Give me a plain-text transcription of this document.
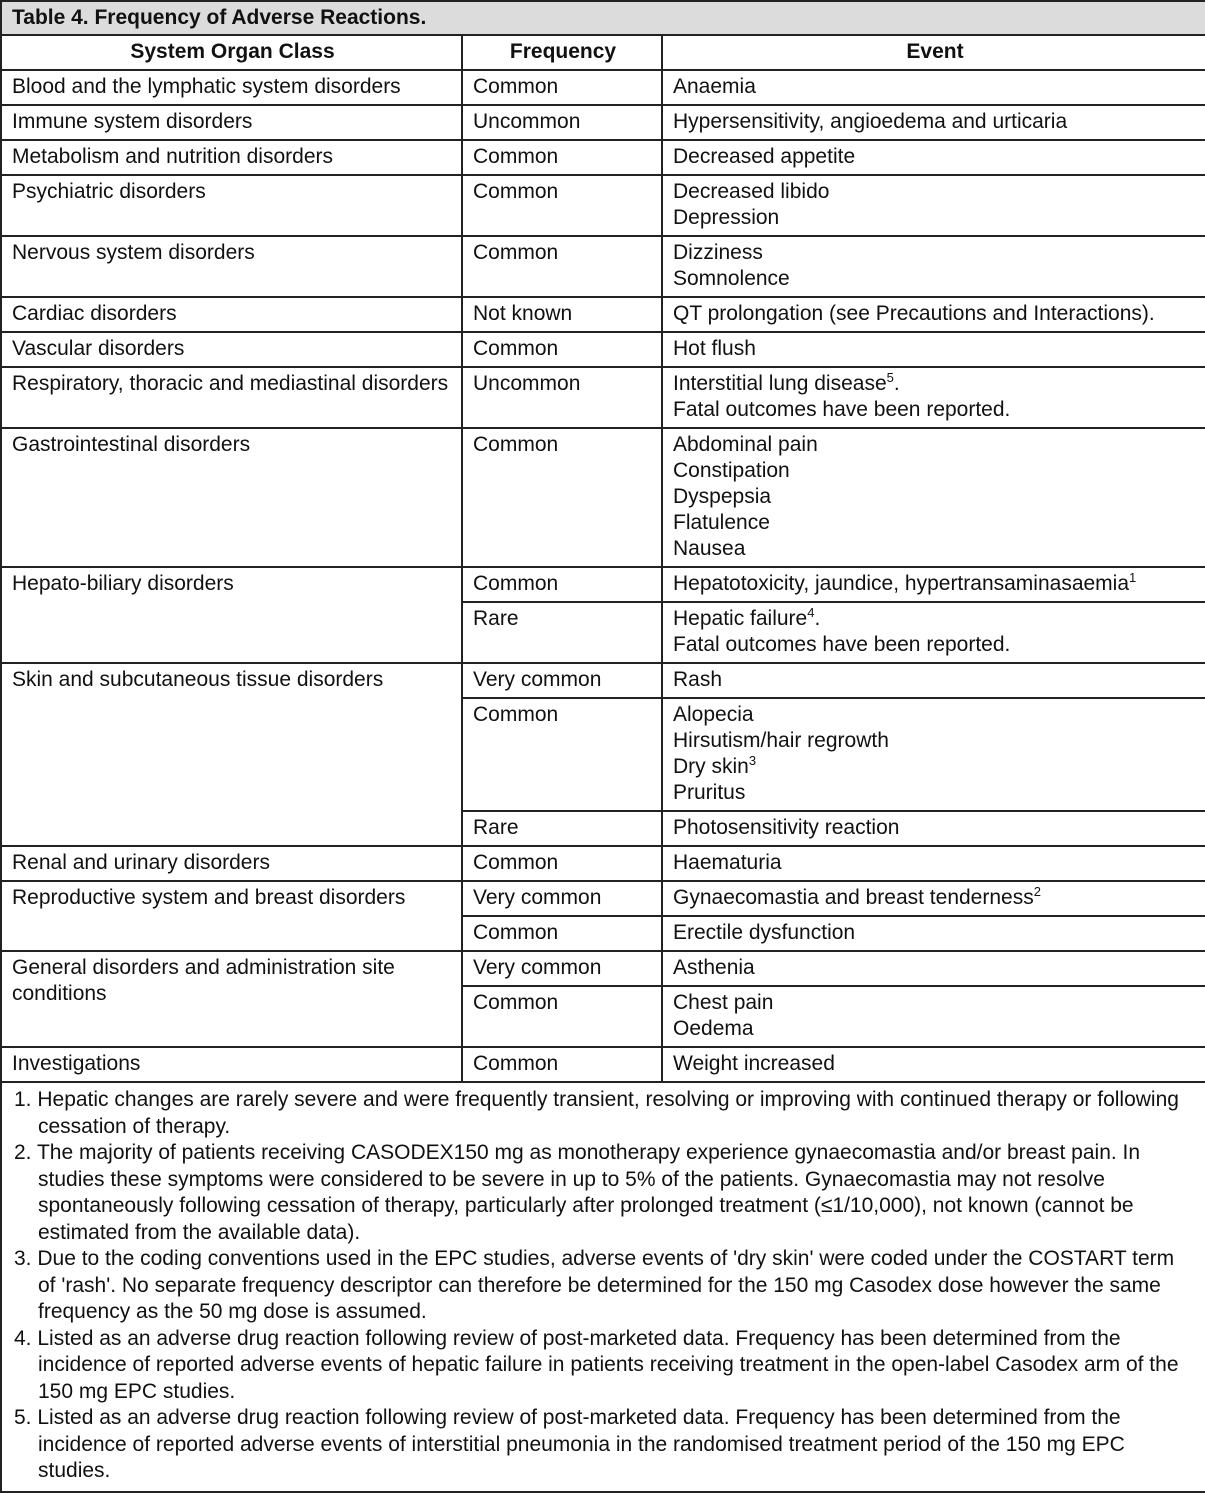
Table 4. Frequency of Adverse Reactions.		
System Organ Class	Frequency	Event
Blood and the lymphatic system disorders	Common	Anaemia

Immune system disorders	Uncommon	Hypersensitivity, angioedema and urticaria

Metabolism and nutrition disorders	Common	Decreased appetite

Psychiatric disorders	Common	Decreased libido
Depression

Nervous system disorders	Common	Dizziness
Somnolence

Cardiac disorders	Not known	QT prolongation (see Precautions and Interactions).

Vascular disorders	Common	Hot flush

Respiratory, thoracic and mediastinal disorders	Uncommon	Interstitial lung disease$^5$.
Fatal outcomes have been reported.

Gastrointestinal disorders	Common	Abdominal pain
Constipation
Dyspepsia
Flatulence
Nausea

Hepato-biliary disorders	Common	Hepatotoxicity, jaundice, hypertransaminasaemia$^1$

	Rare	Hepatic failure$^4$.
Fatal outcomes have been reported.

Skin and subcutaneous tissue disorders	Very common	Rash

	Common	Alopecia
Hirsutism/hair regrowth
Dry skin$^3$
Pruritus

	Rare	Photosensitivity reaction

Renal and urinary disorders	Common	Haematuria

Reproductive system and breast disorders	Very common	Gynaecomastia and breast tenderness$^2$

	Common	Erectile dysfunction

General disorders and administration site conditions	Very common	Asthenia

	Common	Chest pain
Oedema

Investigations	Common	Weight increased

1. Hepatic changes are rarely severe and were frequently transient, resolving or improving with continued therapy or following cessation of therapy.
2. The majority of patients receiving CASODEX150 mg as monotherapy experience gynaecomastia and/or breast pain. In studies these symptoms were considered to be severe in up to 5% of the patients. Gynaecomastia may not resolve spontaneously following cessation of therapy, particularly after prolonged treatment (≤1/10,000), not known (cannot be estimated from the available data).
3. Due to the coding conventions used in the EPC studies, adverse events of 'dry skin' were coded under the COSTART term of 'rash'. No separate frequency descriptor can therefore be determined for the 150 mg Casodex dose however the same frequency as the 50 mg dose is assumed.
4. Listed as an adverse drug reaction following review of post-marketed data. Frequency has been determined from the incidence of reported adverse events of hepatic failure in patients receiving treatment in the open-label Casodex arm of the 150 mg EPC studies.
5. Listed as an adverse drug reaction following review of post-marketed data. Frequency has been determined from the incidence of reported adverse events of interstitial pneumonia in the randomised treatment period of the 150 mg EPC studies.		
